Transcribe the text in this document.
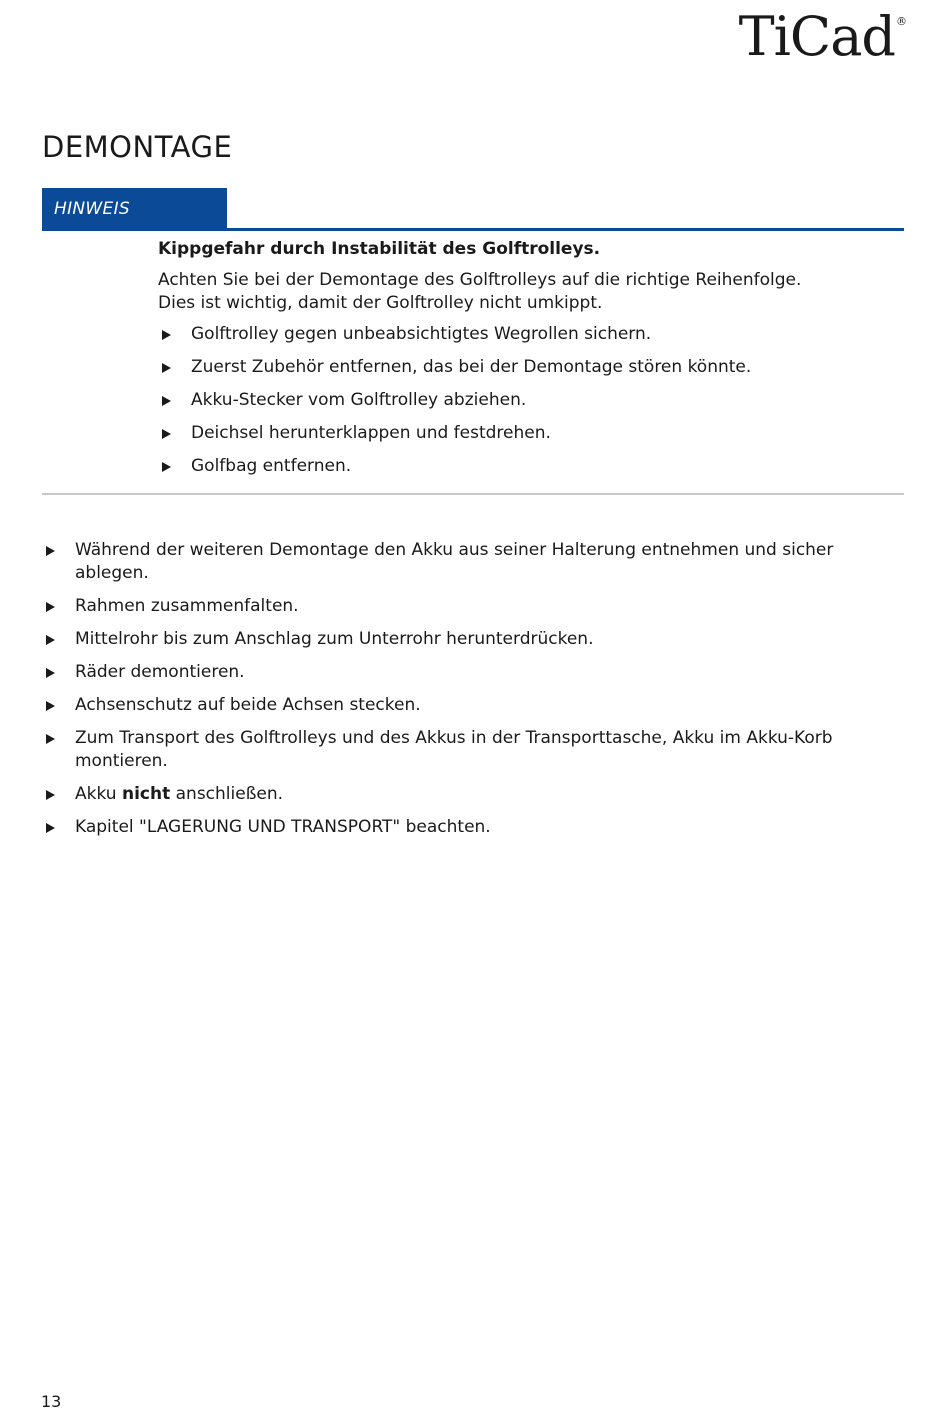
TiCad®
DEMONTAGE
HINWEIS

Kippgefahr durch Instabilität des Golftrolleys.

Achten Sie bei der Demontage des Golftrolleys auf die richtige Reihenfolge.
Dies ist wichtig, damit der Golftrolley nicht umkippt.

Golftrolley gegen unbeabsichtigtes Wegrollen sichern.
Zuerst Zubehör entfernen, das bei der Demontage stören könnte.
Akku-Stecker vom Golftrolley abziehen.
Deichsel herunterklappen und festdrehen.
Golfbag entfernen.
Während der weiteren Demontage den Akku aus seiner Halterung entnehmen und sicher ablegen.
Rahmen zusammenfalten.
Mittelrohr bis zum Anschlag zum Unterrohr herunterdrücken.
Räder demontieren.
Achsenschutz auf beide Achsen stecken.
Zum Transport des Golftrolleys und des Akkus in der Transporttasche, Akku im Akku-Korb montieren.
Akku nicht anschließen.
Kapitel "LAGERUNG UND TRANSPORT" beachten.
13
